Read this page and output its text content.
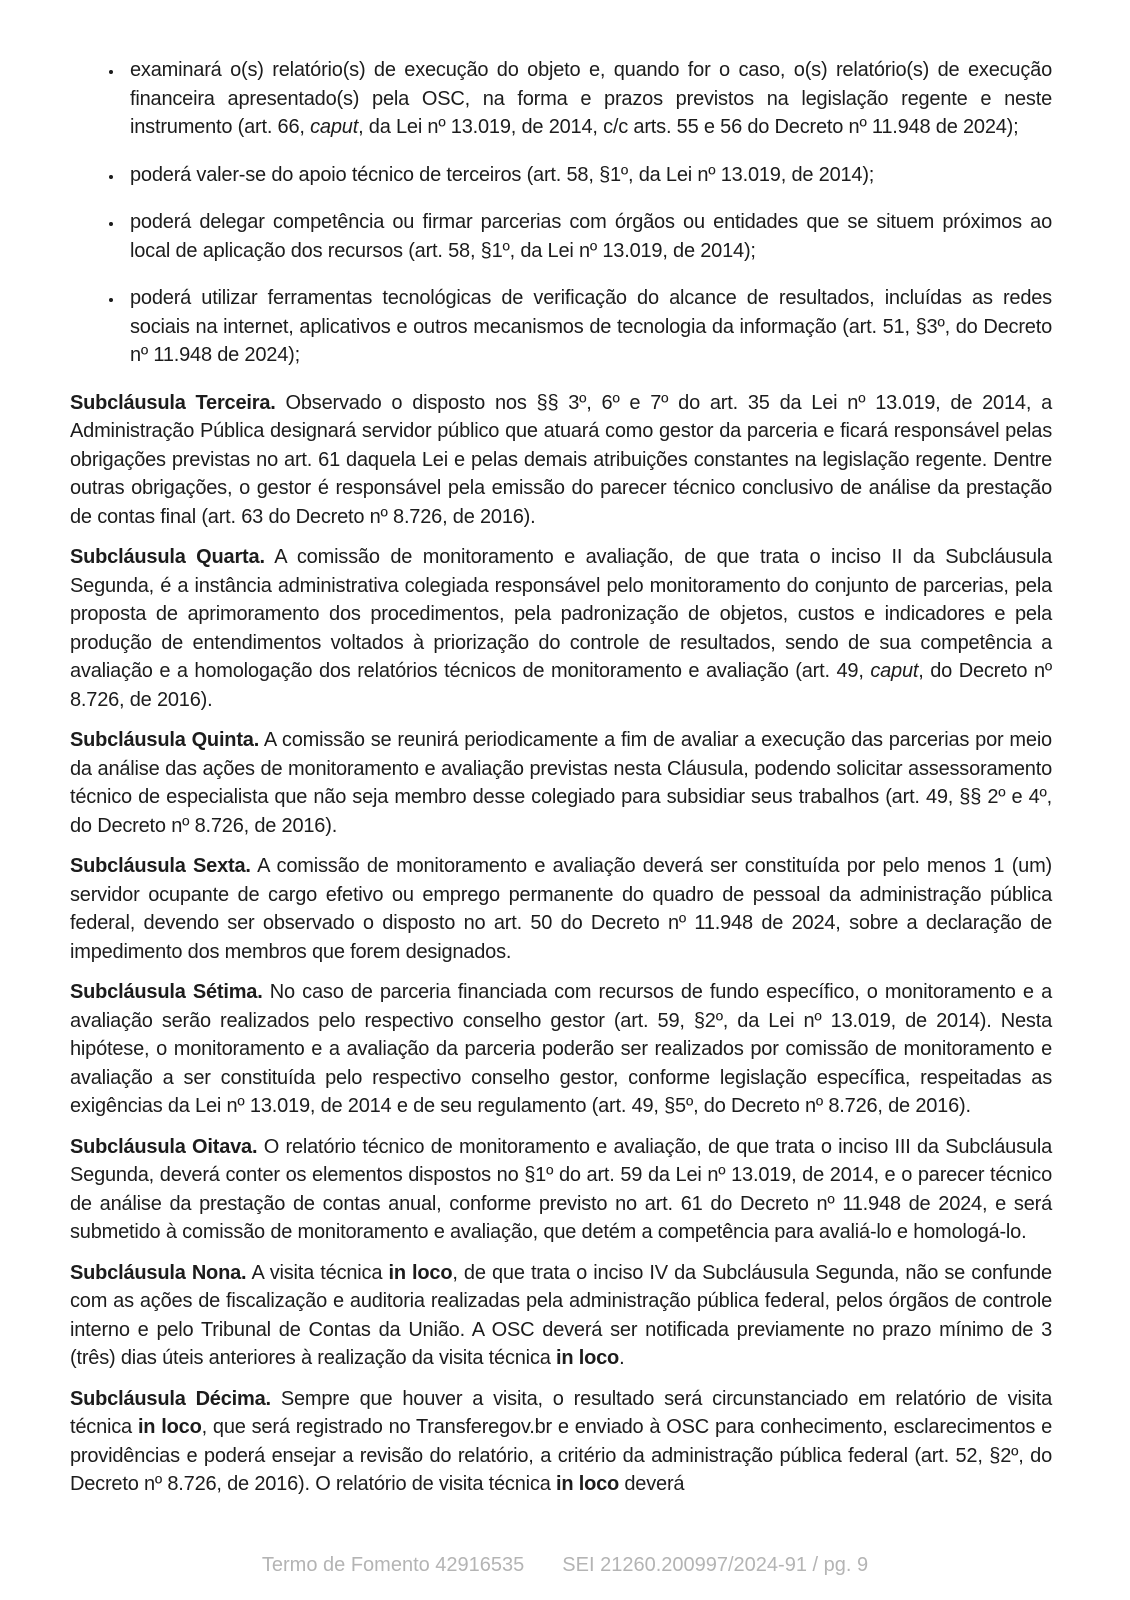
• examinará o(s) relatório(s) de execução do objeto e, quando for o caso, o(s) relatório(s) de execução financeira apresentado(s) pela OSC, na forma e prazos previstos na legislação regente e neste instrumento (art. 66, caput, da Lei nº 13.019, de 2014, c/c arts. 55 e 56 do Decreto nº 11.948 de 2024);
• poderá valer-se do apoio técnico de terceiros (art. 58, §1º, da Lei nº 13.019, de 2014);
• poderá delegar competência ou firmar parcerias com órgãos ou entidades que se situem próximos ao local de aplicação dos recursos (art. 58, §1º, da Lei nº 13.019, de 2014);
• poderá utilizar ferramentas tecnológicas de verificação do alcance de resultados, incluídas as redes sociais na internet, aplicativos e outros mecanismos de tecnologia da informação (art. 51, §3º, do Decreto nº 11.948 de 2024);

Subcláusula Terceira. Observado o disposto nos §§ 3º, 6º e 7º do art. 35 da Lei nº 13.019, de 2014, a Administração Pública designará servidor público que atuará como gestor da parceria e ficará responsável pelas obrigações previstas no art. 61 daquela Lei e pelas demais atribuições constantes na legislação regente. Dentre outras obrigações, o gestor é responsável pela emissão do parecer técnico conclusivo de análise da prestação de contas final (art. 63 do Decreto nº 8.726, de 2016).

Subcláusula Quarta. A comissão de monitoramento e avaliação, de que trata o inciso II da Subcláusula Segunda, é a instância administrativa colegiada responsável pelo monitoramento do conjunto de parcerias, pela proposta de aprimoramento dos procedimentos, pela padronização de objetos, custos e indicadores e pela produção de entendimentos voltados à priorização do controle de resultados, sendo de sua competência a avaliação e a homologação dos relatórios técnicos de monitoramento e avaliação (art. 49, caput, do Decreto nº 8.726, de 2016).

Subcláusula Quinta. A comissão se reunirá periodicamente a fim de avaliar a execução das parcerias por meio da análise das ações de monitoramento e avaliação previstas nesta Cláusula, podendo solicitar assessoramento técnico de especialista que não seja membro desse colegiado para subsidiar seus trabalhos (art. 49, §§ 2º e 4º, do Decreto nº 8.726, de 2016).

Subcláusula Sexta. A comissão de monitoramento e avaliação deverá ser constituída por pelo menos 1 (um) servidor ocupante de cargo efetivo ou emprego permanente do quadro de pessoal da administração pública federal, devendo ser observado o disposto no art. 50 do Decreto nº 11.948 de 2024, sobre a declaração de impedimento dos membros que forem designados.

Subcláusula Sétima. No caso de parceria financiada com recursos de fundo específico, o monitoramento e a avaliação serão realizados pelo respectivo conselho gestor (art. 59, §2º, da Lei nº 13.019, de 2014). Nesta hipótese, o monitoramento e a avaliação da parceria poderão ser realizados por comissão de monitoramento e avaliação a ser constituída pelo respectivo conselho gestor, conforme legislação específica, respeitadas as exigências da Lei nº 13.019, de 2014 e de seu regulamento (art. 49, §5º, do Decreto nº 8.726, de 2016).

Subcláusula Oitava. O relatório técnico de monitoramento e avaliação, de que trata o inciso III da Subcláusula Segunda, deverá conter os elementos dispostos no §1º do art. 59 da Lei nº 13.019, de 2014, e o parecer técnico de análise da prestação de contas anual, conforme previsto no art. 61 do Decreto nº 11.948 de 2024, e será submetido à comissão de monitoramento e avaliação, que detém a competência para avaliá-lo e homologá-lo.

Subcláusula Nona. A visita técnica in loco, de que trata o inciso IV da Subcláusula Segunda, não se confunde com as ações de fiscalização e auditoria realizadas pela administração pública federal, pelos órgãos de controle interno e pelo Tribunal de Contas da União. A OSC deverá ser notificada previamente no prazo mínimo de 3 (três) dias úteis anteriores à realização da visita técnica in loco.

Subcláusula Décima. Sempre que houver a visita, o resultado será circunstanciado em relatório de visita técnica in loco, que será registrado no Transferegov.br e enviado à OSC para conhecimento, esclarecimentos e providências e poderá ensejar a revisão do relatório, a critério da administração pública federal (art. 52, §2º, do Decreto nº 8.726, de 2016). O relatório de visita técnica in loco deverá

Termo de Fomento 42916535 SEI 21260.200997/2024-91 / pg. 9
